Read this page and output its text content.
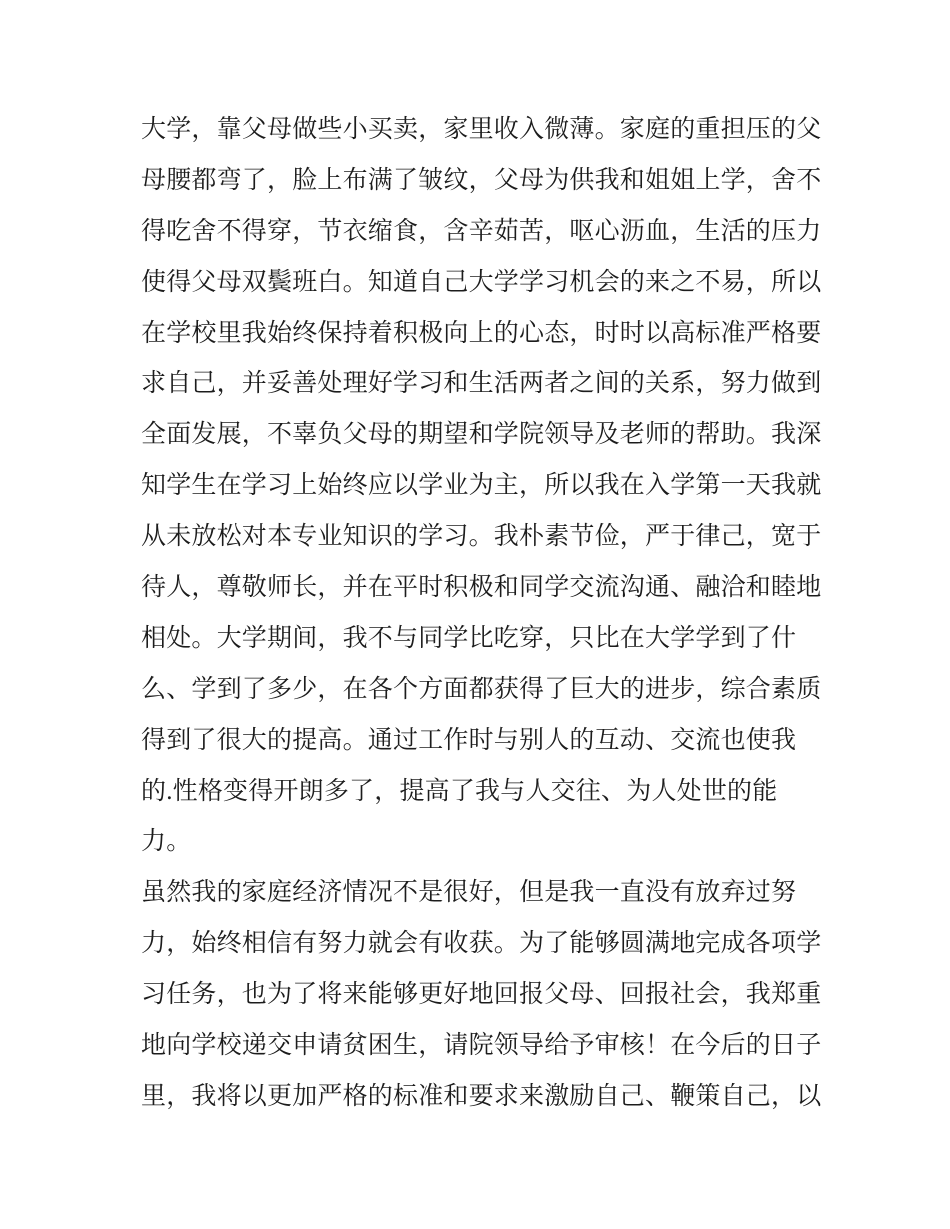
大学，靠父母做些小买卖，家里收入微薄。家庭的重担压的父
母腰都弯了，脸上布满了皱纹，父母为供我和姐姐上学，舍不
得吃舍不得穿，节衣缩食，含辛茹苦，呕心沥血，生活的压力
使得父母双鬓班白。知道自己大学学习机会的来之不易，所以
在学校里我始终保持着积极向上的心态，时时以高标准严格要
求自己，并妥善处理好学习和生活两者之间的关系，努力做到
全面发展，不辜负父母的期望和学院领导及老师的帮助。我深
知学生在学习上始终应以学业为主，所以我在入学第一天我就
从未放松对本专业知识的学习。我朴素节俭，严于律己，宽于
待人，尊敬师长，并在平时积极和同学交流沟通、融洽和睦地
相处。大学期间，我不与同学比吃穿，只比在大学学到了什
么、学到了多少，在各个方面都获得了巨大的进步，综合素质
得到了很大的提高。通过工作时与别人的互动、交流也使我
的.性格变得开朗多了，提高了我与人交往、为人处世的能
力。
虽然我的家庭经济情况不是很好，但是我一直没有放弃过努
力，始终相信有努力就会有收获。为了能够圆满地完成各项学
习任务，也为了将来能够更好地回报父母、回报社会，我郑重
地向学校递交申请贫困生，请院领导给予审核！在今后的日子
里，我将以更加严格的标准和要求来激励自己、鞭策自己，以
